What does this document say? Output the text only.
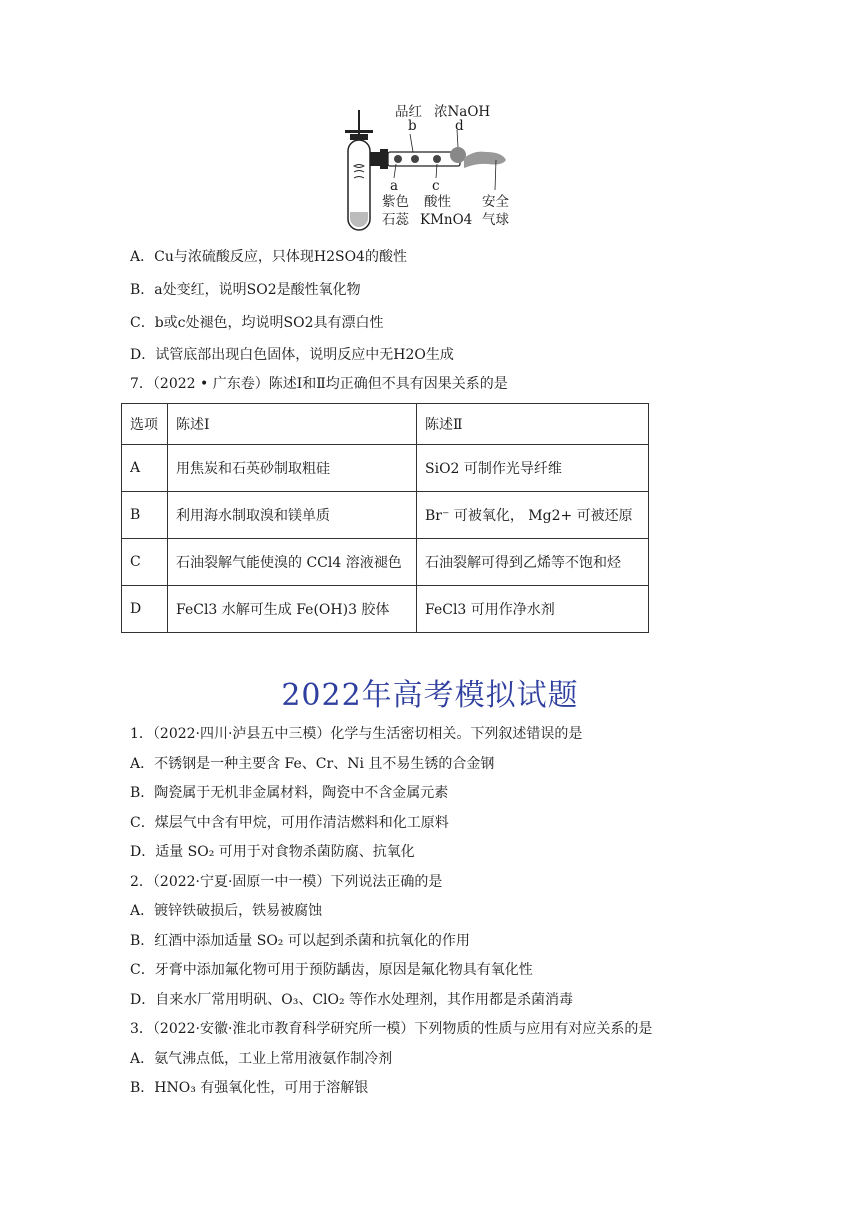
品红 浓NaOH
b	d
a	c
紫色
石蕊
酸性
KMnO4
安全
气球
A．Cu与浓硫酸反应，只体现H2SO4的酸性
B．a处变红，说明SO2是酸性氧化物
C．b或c处褪色，均说明SO2具有漂白性
D．试管底部出现白色固体，说明反应中无H2O生成
7．（2022 • 广东卷）陈述Ⅰ和Ⅱ均正确但不具有因果关系的是
选项	陈述Ⅰ	陈述Ⅱ
A	用焦炭和石英砂制取粗硅	SiO2 可制作光导纤维
B	利用海水制取溴和镁单质	Br⁻ 可被氧化， Mg2+ 可被还原
C	石油裂解气能使溴的 CCl4 溶液褪色	石油裂解可得到乙烯等不饱和烃
D	FeCl3 水解可生成 Fe(OH)3 胶体	FeCl3 可用作净水剂
2022年高考模拟试题
1．（2022·四川·泸县五中三模）化学与生活密切相关。下列叙述错误的是
A．不锈钢是一种主要含 Fe、Cr、Ni 且不易生锈的合金钢
B．陶瓷属于无机非金属材料，陶瓷中不含金属元素
C．煤层气中含有甲烷，可用作清洁燃料和化工原料
D．适量 SO₂ 可用于对食物杀菌防腐、抗氧化
2．（2022·宁夏·固原一中一模）下列说法正确的是
A．镀锌铁破损后，铁易被腐蚀
B．红酒中添加适量 SO₂ 可以起到杀菌和抗氧化的作用
C．牙膏中添加氟化物可用于预防龋齿，原因是氟化物具有氧化性
D．自来水厂常用明矾、O₃、ClO₂ 等作水处理剂，其作用都是杀菌消毒
3．（2022·安徽·淮北市教育科学研究所一模）下列物质的性质与应用有对应关系的是
A．氨气沸点低，工业上常用液氨作制冷剂
B．HNO₃ 有强氧化性，可用于溶解银
